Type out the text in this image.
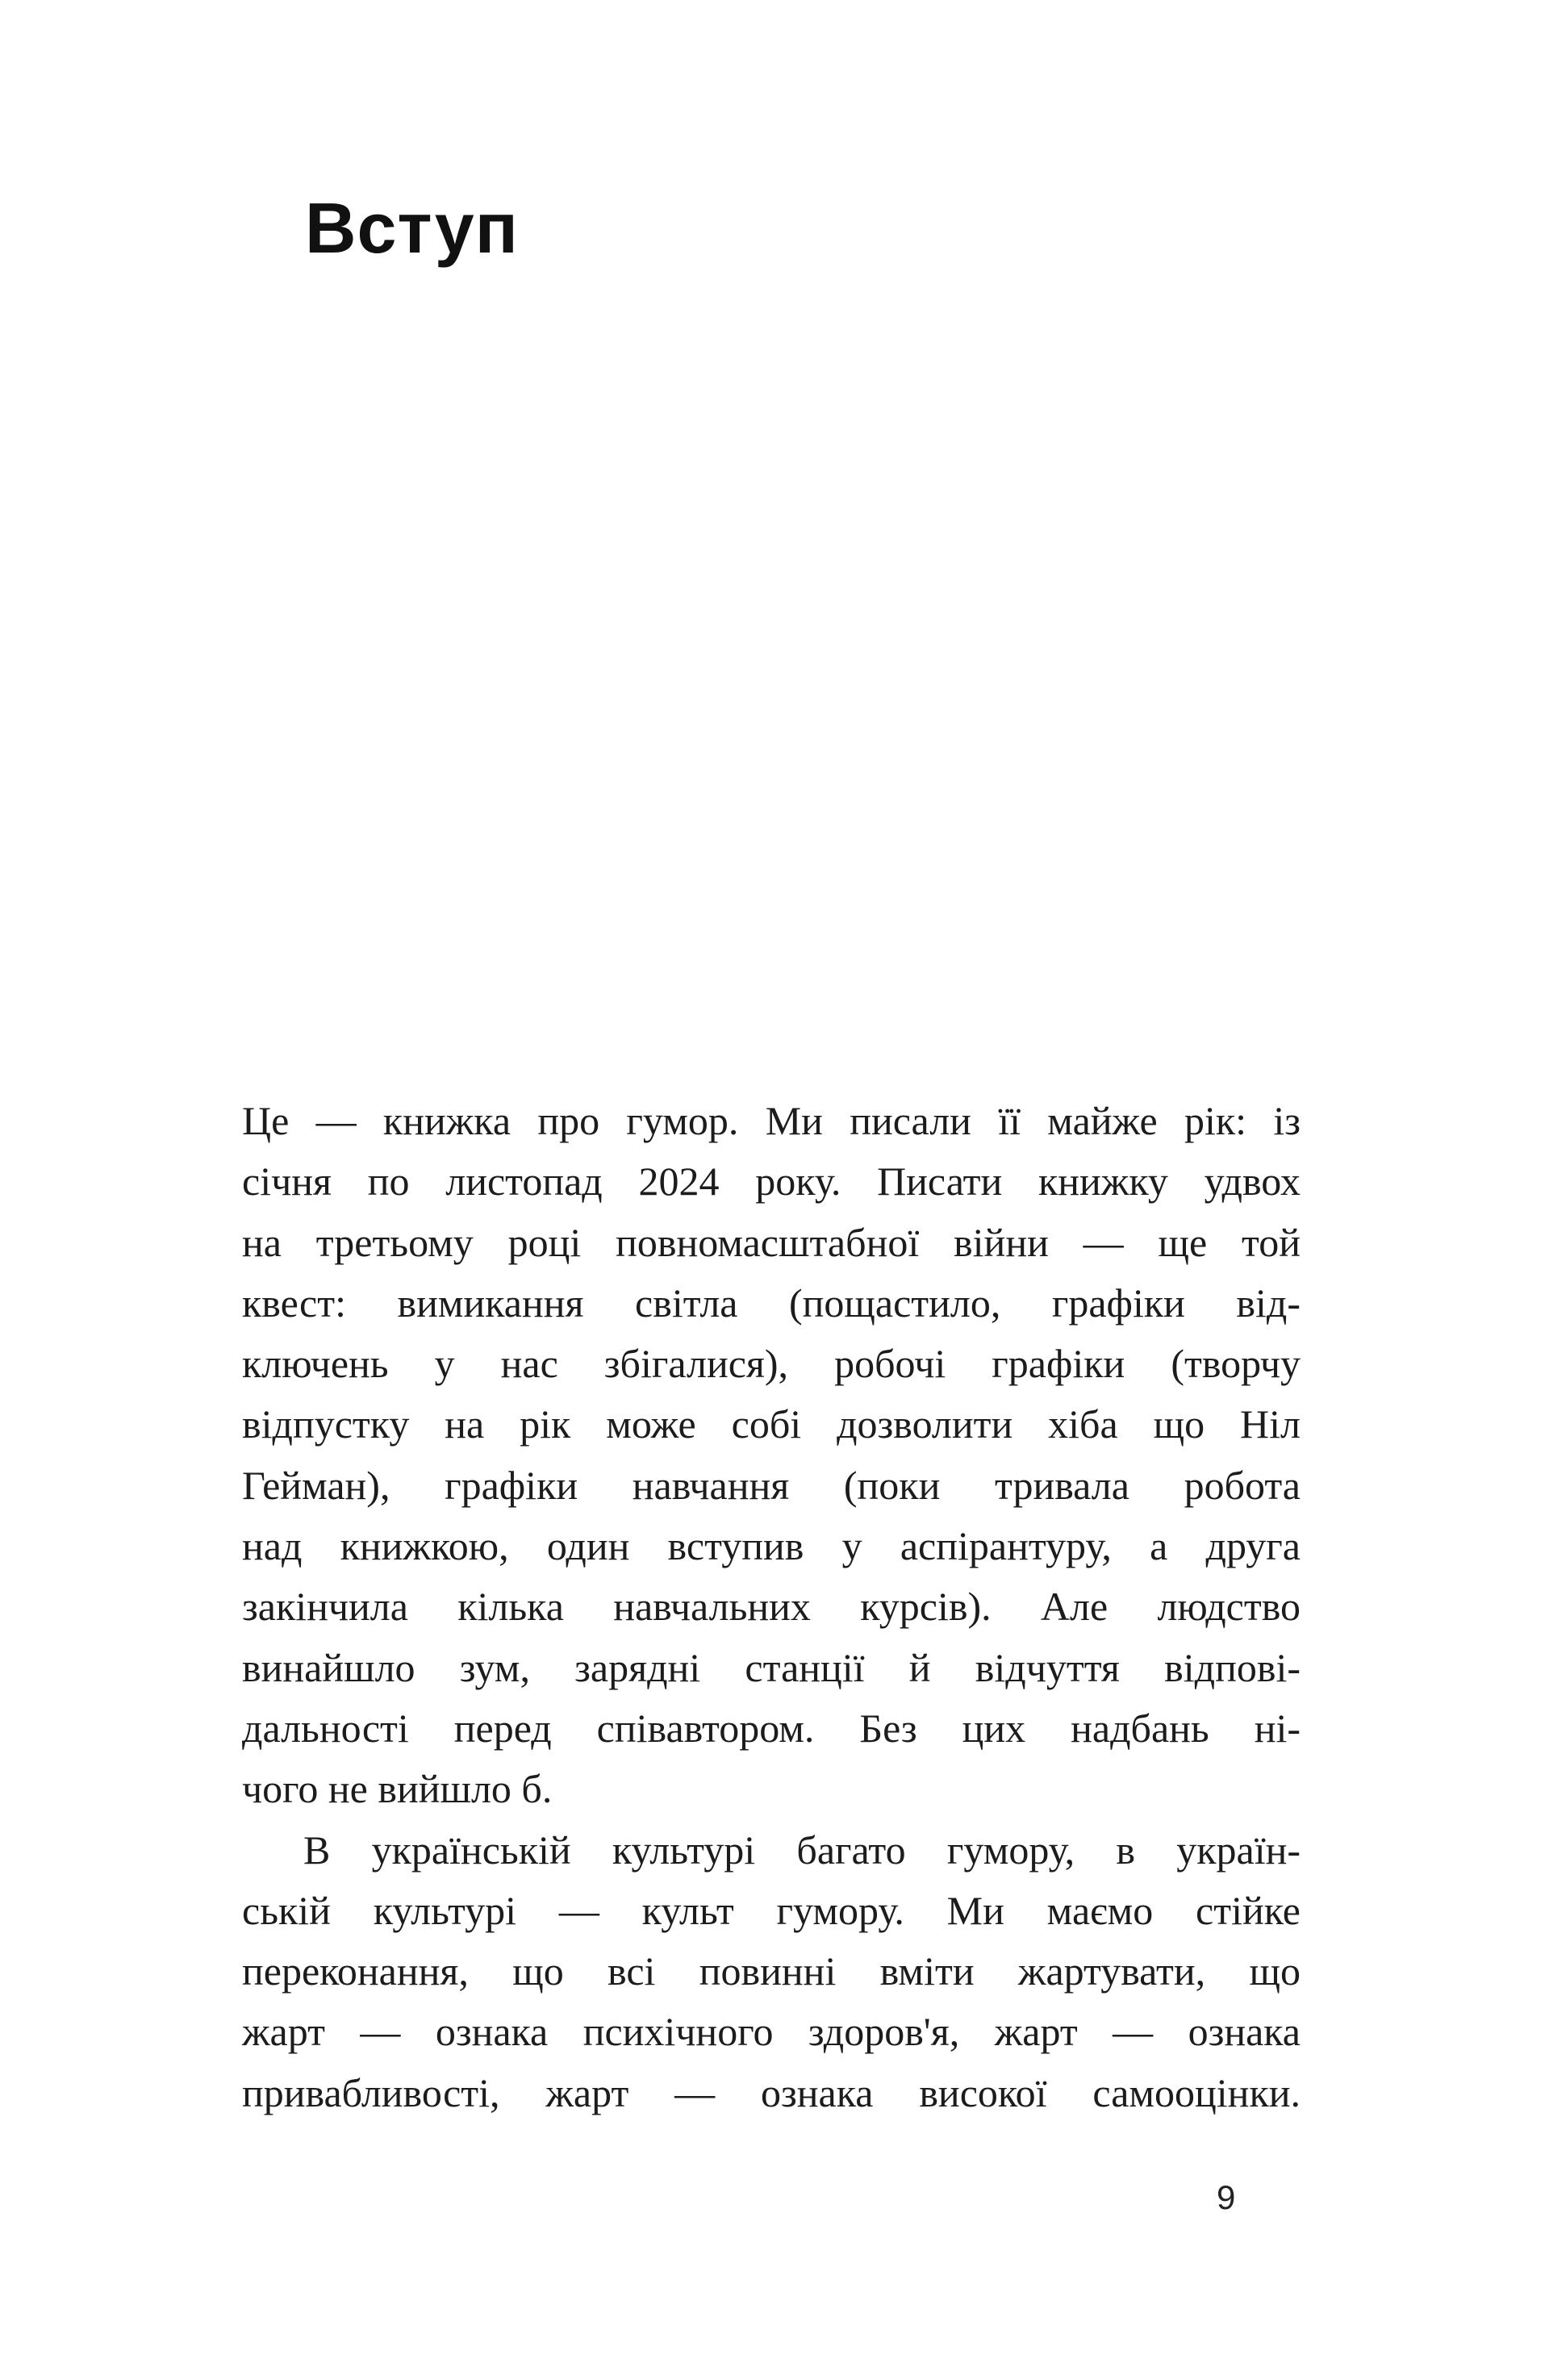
Вступ
Це — книжка про гумор. Ми писали її майже рік: із
січня по листопад 2024 року. Писати книжку удвох
на третьому році повномасштабної війни — ще той
квест: вимикання світла (пощастило, графіки від-
ключень у нас збігалися), робочі графіки (творчу
відпустку на рік може собі дозволити хіба що Ніл
Гейман), графіки навчання (поки тривала робота
над книжкою, один вступив у аспірантуру, а друга
закінчила кілька навчальних курсів). Але людство
винайшло зум, зарядні станції й відчуття відпові-
дальності перед співавтором. Без цих надбань ні-
чого не вийшло б.
В українській культурі багато гумору, в україн-
ській культурі — культ гумору. Ми маємо стійке
переконання, що всі повинні вміти жартувати, що
жарт — ознака психічного здоров'я, жарт — ознака
привабливості, жарт — ознака високої самооцінки.
9
